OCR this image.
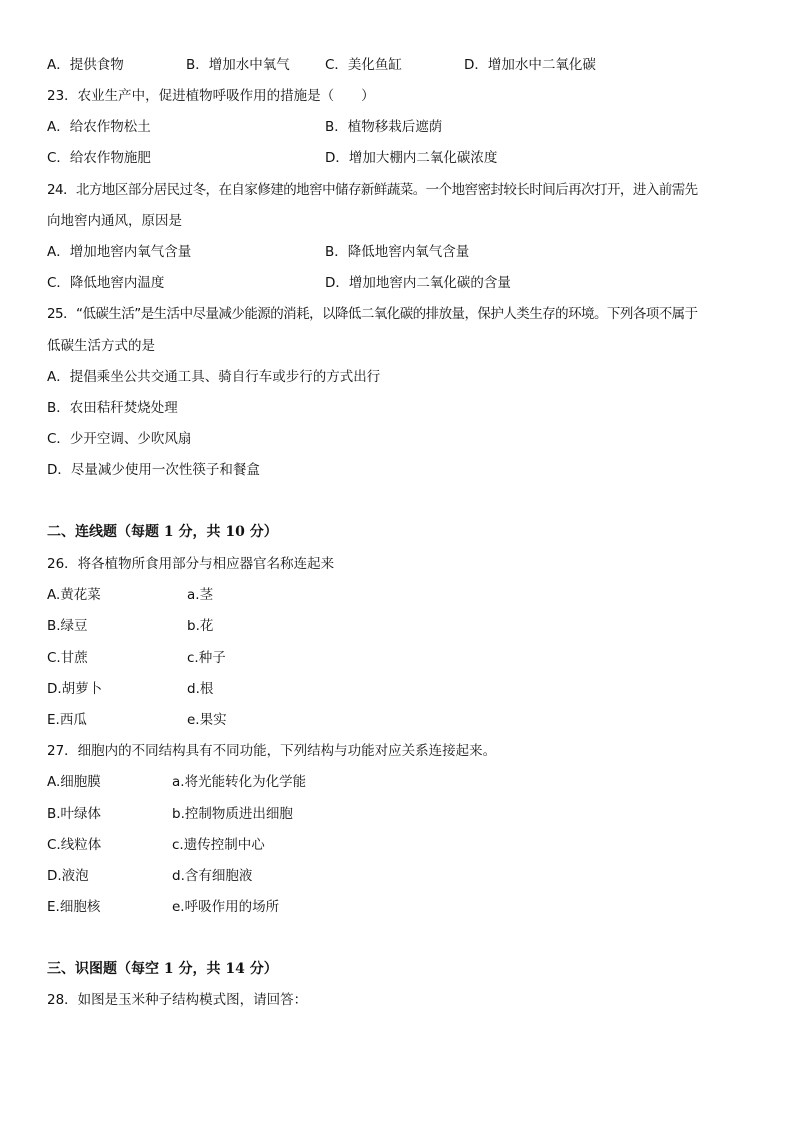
A．提供食物	B．增加水中氧气	C．美化鱼缸	D．增加水中二氧化碳
23．农业生产中，促进植物呼吸作用的措施是（　　）
A．给农作物松土	B．植物移栽后遮荫
C．给农作物施肥	D．增加大棚内二氧化碳浓度
24．北方地区部分居民过冬，在自家修建的地窖中储存新鲜蔬菜。一个地窖密封较长时间后再次打开，进入前需先
向地窖内通风，原因是
A．增加地窖内氧气含量	B．降低地窖内氧气含量
C．降低地窖内温度	D．增加地窖内二氧化碳的含量
25．“低碳生活”是生活中尽量减少能源的消耗，以降低二氧化碳的排放量，保护人类生存的环境。下列各项不属于
低碳生活方式的是
A．提倡乘坐公共交通工具、骑自行车或步行的方式出行
B．农田秸秆焚烧处理
C．少开空调、少吹风扇
D．尽量减少使用一次性筷子和餐盒
二、连线题（每题 1 分，共 10 分）
26．将各植物所食用部分与相应器官名称连起来
A.黄花菜	a.茎
B.绿豆	b.花
C.甘蔗	c.种子
D.胡萝卜	d.根
E.西瓜	e.果实
27．细胞内的不同结构具有不同功能，下列结构与功能对应关系连接起来。
A.细胞膜	a.将光能转化为化学能
B.叶绿体	b.控制物质进出细胞
C.线粒体	c.遗传控制中心
D.液泡	d.含有细胞液
E.细胞核	e.呼吸作用的场所
三、识图题（每空 1 分，共 14 分）
28．如图是玉米种子结构模式图，请回答：
